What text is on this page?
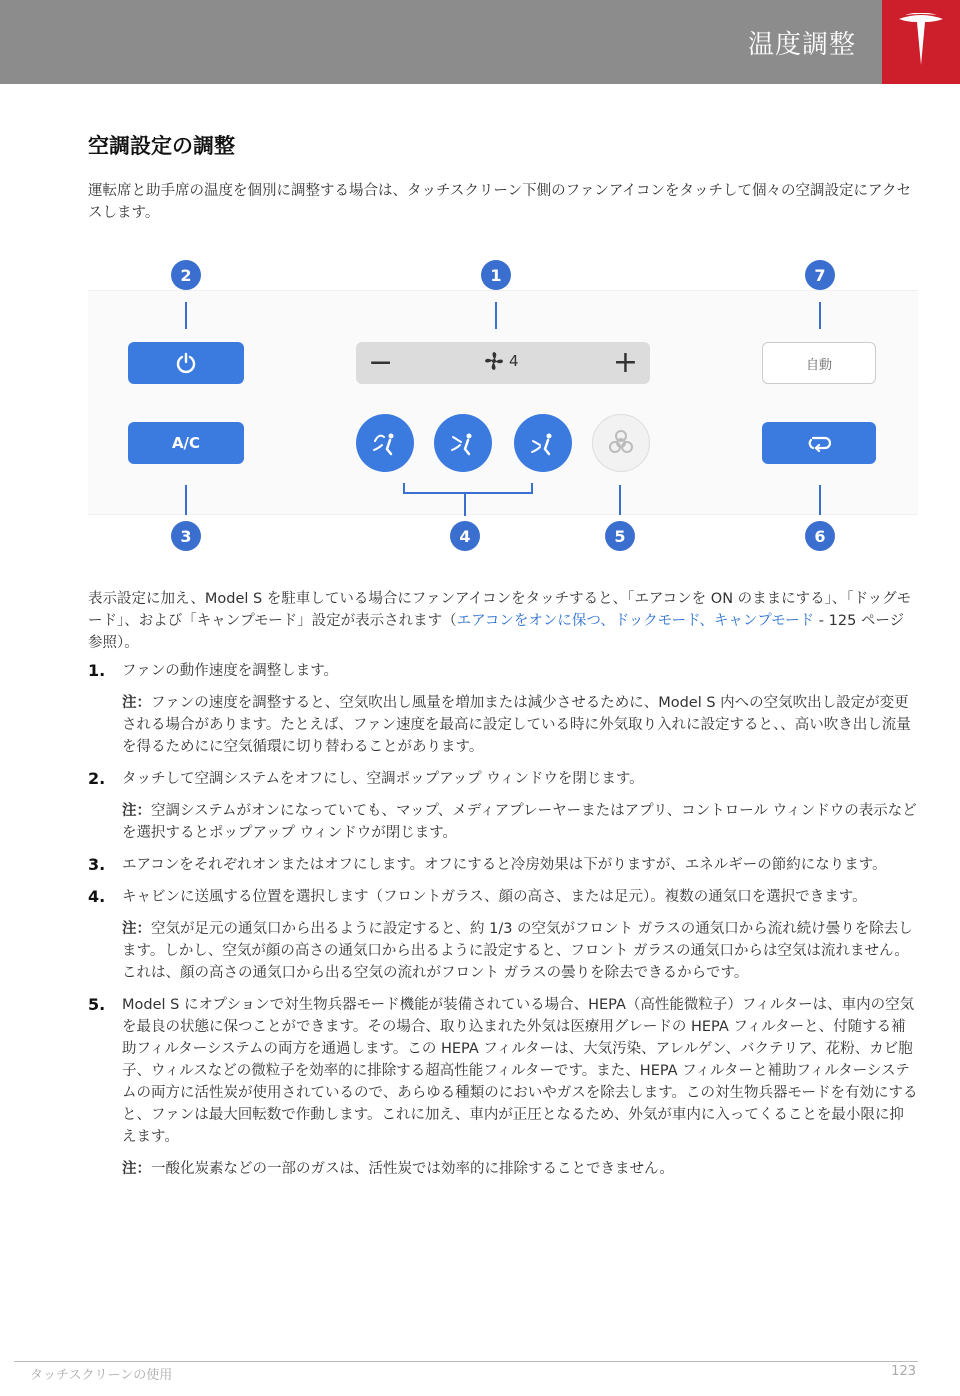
温度調整
空調設定の調整
運転席と助手席の温度を個別に調整する場合は、タッチスクリーン下側のファンアイコンをタッチして個々の空調設定にアクセスします。
A/C
−	4	+	自動
2	1	7
3	4	5	6
表示設定に加え、Model S を駐車している場合にファンアイコンをタッチすると、「エアコンを ON のままにする」、「ドッグモード」、および「キャンプモード」設定が表示されます（エアコンをオンに保つ、ドックモード、キャンプモード - 125 ページ参照）。
1. ファンの動作速度を調整します。
注：ファンの速度を調整すると、空気吹出し風量を増加または減少させるために、Model S 内への空気吹出し設定が変更される場合があります。たとえば、ファン速度を最高に設定している時に外気取り入れに設定すると、、高い吹き出し流量を得るためにに空気循環に切り替わることがあります。
2. タッチして空調システムをオフにし、空調ポップアップ ウィンドウを閉じます。
注：空調システムがオンになっていても、マップ、メディアプレーヤーまたはアプリ、コントロール ウィンドウの表示などを選択するとポップアップ ウィンドウが閉じます。
3. エアコンをそれぞれオンまたはオフにします。オフにすると冷房効果は下がりますが、エネルギーの節約になります。
4. キャビンに送風する位置を選択します（フロントガラス、顔の高さ、または足元）。複数の通気口を選択できます。
注：空気が足元の通気口から出るように設定すると、約 1/3 の空気がフロント ガラスの通気口から流れ続け曇りを除去します。しかし、空気が顔の高さの通気口から出るように設定すると、フロント ガラスの通気口からは空気は流れません。これは、顔の高さの通気口から出る空気の流れがフロント ガラスの曇りを除去できるからです。
5. Model S にオプションで対生物兵器モード機能が装備されている場合、HEPA（高性能微粒子）フィルターは、車内の空気を最良の状態に保つことができます。その場合、取り込まれた外気は医療用グレードの HEPA フィルターと、付随する補助フィルターシステムの両方を通過します。この HEPA フィルターは、大気汚染、アレルゲン、バクテリア、花粉、カビ胞子、ウィルスなどの微粒子を効率的に排除する超高性能フィルターです。また、HEPA フィルターと補助フィルターシステムの両方に活性炭が使用されているので、あらゆる種類のにおいやガスを除去します。この対生物兵器モードを有効にすると、ファンは最大回転数で作動します。これに加え、車内が正圧となるため、外気が車内に入ってくることを最小限に抑えます。
注：一酸化炭素などの一部のガスは、活性炭では効率的に排除することできません。
タッチスクリーンの使用	123
